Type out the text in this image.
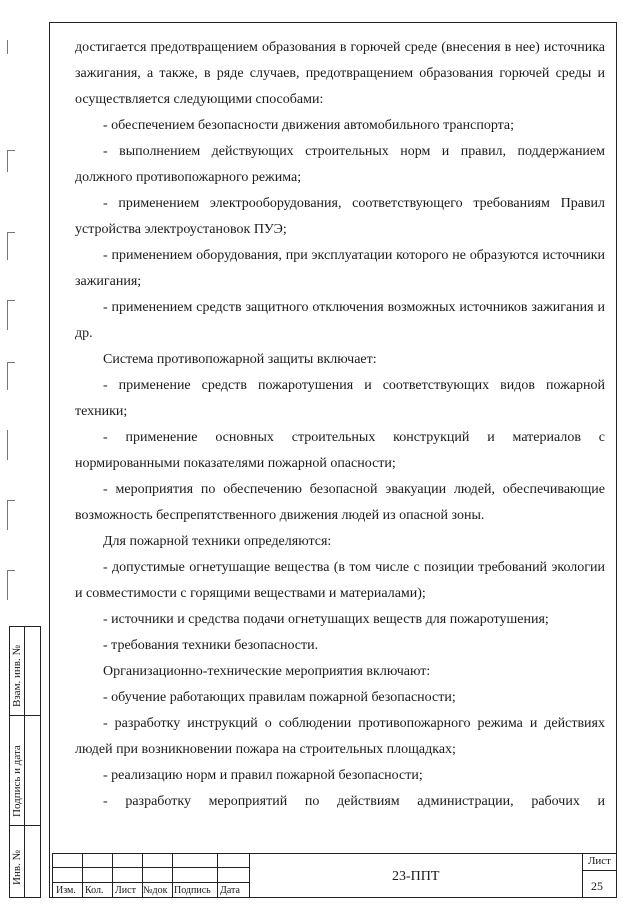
достигается предотвращением образования в горючей среде (внесения в нее) источника зажигания, а также, в ряде случаев, предотвращением образования горючей среды и осуществляется следующими способами:

- обеспечением безопасности движения автомобильного транспорта;

- выполнением действующих строительных норм и правил, поддержанием должного противопожарного режима;

- применением электрооборудования, соответствующего требованиям Правил устройства электроустановок ПУЭ;

- применением оборудования, при эксплуатации которого не образуются источники зажигания;

- применением средств защитного отключения возможных источников зажигания и др.

Система противопожарной защиты включает:

- применение средств пожаротушения и соответствующих видов пожарной техники;

- применение основных строительных конструкций и материалов с нормированными показателями пожарной опасности;

- мероприятия по обеспечению безопасной эвакуации людей, обеспечивающие возможность беспрепятственного движения людей из опасной зоны.

Для пожарной техники определяются:

- допустимые огнетушащие вещества (в том числе с позиции требований экологии и совместимости с горящими веществами и материалами);

- источники и средства подачи огнетушащих веществ для пожаротушения;

- требования техники безопасности.

Организационно-технические мероприятия включают:

- обучение работающих правилам пожарной безопасности;

- разработку инструкций о соблюдении противопожарного режима и действиях людей при возникновении пожара на строительных площадках;

- реализацию норм и правил пожарной безопасности;

- разработку мероприятий по действиям администрации, рабочих и

Взам. инв. №
Подпись и дата
Инв. №
Изм. Кол. Лист №док Подпись Дата
23-ППТ
Лист
25
